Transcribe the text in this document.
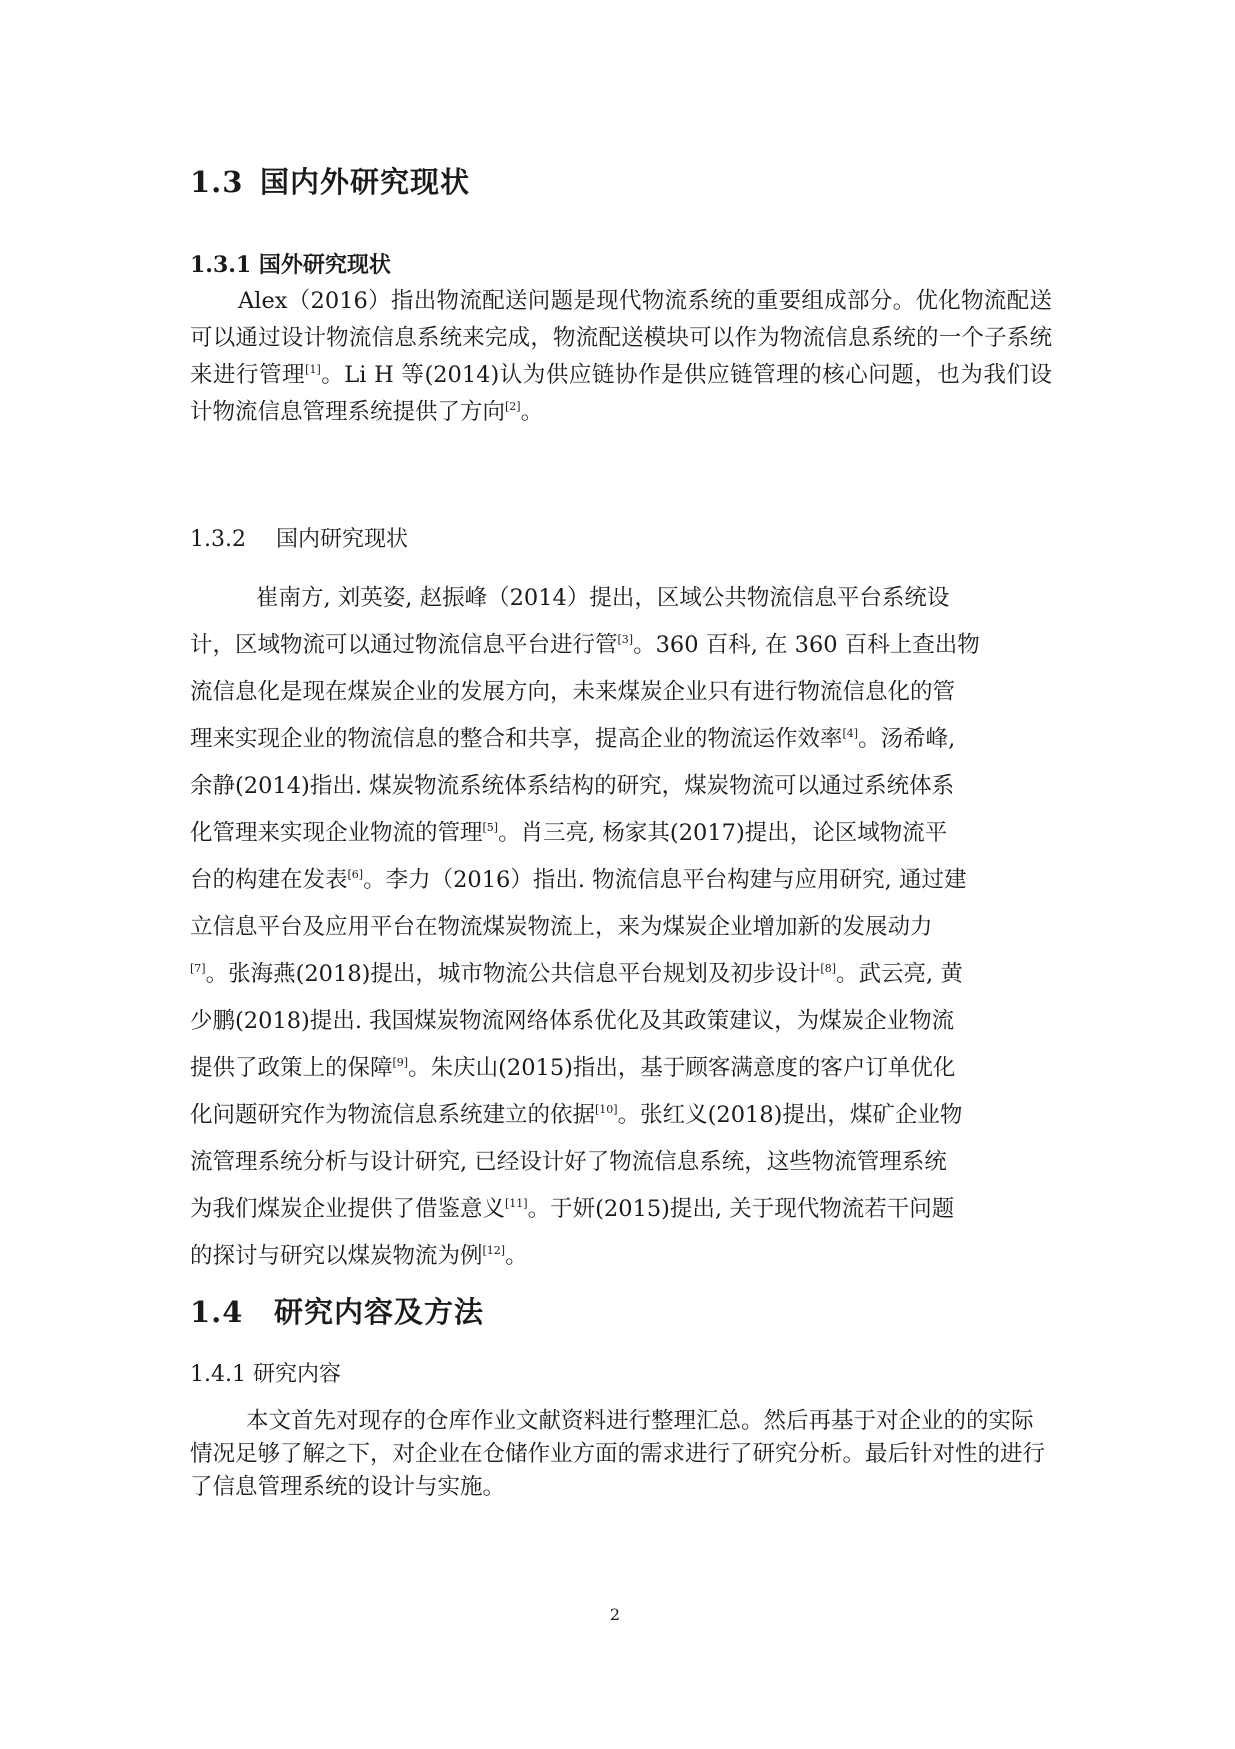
1.3 国内外研究现状
1.3.1 国外研究现状

Alex（2016）指出物流配送问题是现代物流系统的重要组成部分。优化物流配送可以通过设计物流信息系统来完成，物流配送模块可以作为物流信息系统的一个子系统来进行管理[1]。Li H 等(2014)认为供应链协作是供应链管理的核心问题，也为我们设计物流信息管理系统提供了方向[2]。

1.3.2 国内研究现状
崔南方, 刘英姿, 赵振峰（2014）提出，区域公共物流信息平台系统设
计，区域物流可以通过物流信息平台进行管[3]。360 百科, 在 360 百科上查出物
流信息化是现在煤炭企业的发展方向，未来煤炭企业只有进行物流信息化的管
理来实现企业的物流信息的整合和共享，提高企业的物流运作效率[4]。汤希峰,
余静(2014)指出. 煤炭物流系统体系结构的研究，煤炭物流可以通过系统体系
化管理来实现企业物流的管理[5]。肖三亮, 杨家其(2017)提出，论区域物流平
台的构建在发表[6]。李力（2016）指出. 物流信息平台构建与应用研究, 通过建
立信息平台及应用平台在物流煤炭物流上，来为煤炭企业增加新的发展动力
[7]。张海燕(2018)提出，城市物流公共信息平台规划及初步设计[8]。武云亮, 黄
少鹏(2018)提出. 我国煤炭物流网络体系优化及其政策建议，为煤炭企业物流
提供了政策上的保障[9]。朱庆山(2015)指出，基于顾客满意度的客户订单优化
化问题研究作为物流信息系统建立的依据[10]。张红义(2018)提出，煤矿企业物
流管理系统分析与设计研究, 已经设计好了物流信息系统，这些物流管理系统
为我们煤炭企业提供了借鉴意义[11]。于妍(2015)提出, 关于现代物流若干问题
的探讨与研究以煤炭物流为例[12]。
1.4 研究内容及方法
1.4.1 研究内容

本文首先对现存的仓库作业文献资料进行整理汇总。然后再基于对企业的的实际情况足够了解之下，对企业在仓储作业方面的需求进行了研究分析。最后针对性的进行了信息管理系统的设计与实施。

2
